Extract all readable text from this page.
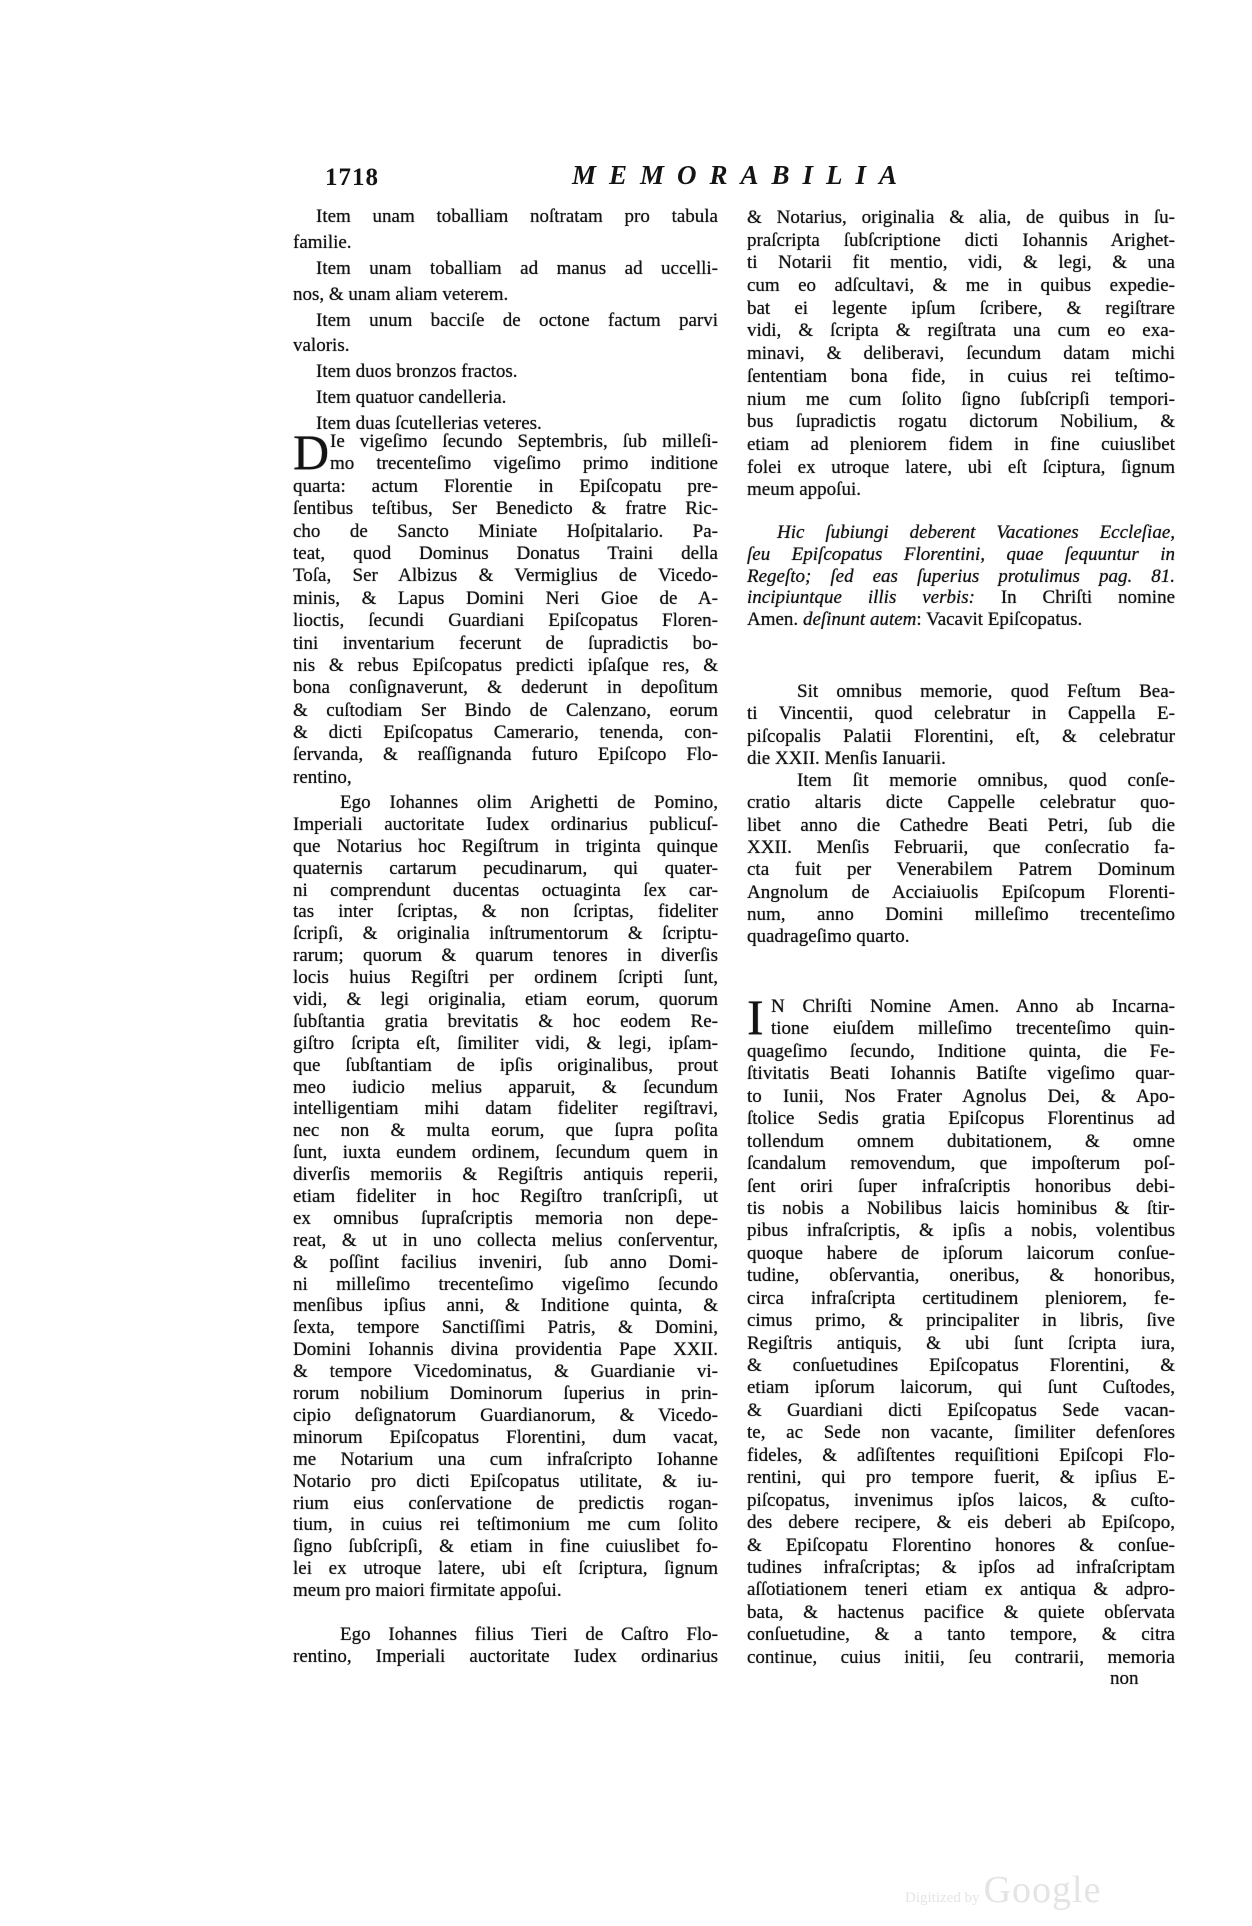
1718	MEMORABILIA
Item unam toballiam noſtratam pro tabula
familie.
Item unam toballiam ad manus ad uccelli-
nos, & unam aliam veterem.
Item unum bacciſe de octone factum parvi
valoris.
Item duos bronzos fractos.
Item quatuor candelleria.
Item duas ſcutellerias veteres.
D Ie vigeſimo ſecundo Septembris, ſub milleſi-
mo trecenteſimo vigeſimo primo inditione
quarta: actum Florentie in Epiſcopatu pre-
ſentibus teſtibus, Ser Benedicto & fratre Ric-
cho de Sancto Miniate Hoſpitalario. Pa-
teat, quod Dominus Donatus Traini della
Toſa, Ser Albizus & Vermiglius de Vicedo-
minis, & Lapus Domini Neri Gioe de A-
lioctis, ſecundi Guardiani Epiſcopatus Floren-
tini inventarium fecerunt de ſupradictis bo-
nis & rebus Epiſcopatus predicti ipſaſque res, &
bona conſignaverunt, & dederunt in depoſitum
& cuſtodiam Ser Bindo de Calenzano, eorum
& dicti Epiſcopatus Camerario, tenenda, con-
ſervanda, & reaſſignanda futuro Epiſcopo Flo-
rentino,
Ego Iohannes olim Arighetti de Pomino,
Imperiali auctoritate Iudex ordinarius publicuſ-
que Notarius hoc Regiſtrum in triginta quinque
quaternis cartarum pecudinarum, qui quater-
ni comprendunt ducentas octuaginta ſex car-
tas inter ſcriptas, & non ſcriptas, fideliter
ſcripſi, & originalia inſtrumentorum & ſcriptu-
rarum; quorum & quarum tenores in diverſis
locis huius Regiſtri per ordinem ſcripti ſunt,
vidi, & legi originalia, etiam eorum, quorum
ſubſtantia gratia brevitatis & hoc eodem Re-
giſtro ſcripta eſt, ſimiliter vidi, & legi, ipſam-
que ſubſtantiam de ipſis originalibus, prout
meo iudicio melius apparuit, & ſecundum
intelligentiam mihi datam fideliter regiſtravi,
nec non & multa eorum, que ſupra poſita
ſunt, iuxta eundem ordinem, ſecundum quem in
diverſis memoriis & Regiſtris antiquis reperii,
etiam fideliter in hoc Regiſtro tranſcripſi, ut
ex omnibus ſupraſcriptis memoria non depe-
reat, & ut in uno collecta melius conſerventur,
& poſſint facilius inveniri, ſub anno Domi-
ni milleſimo trecenteſimo vigeſimo ſecundo
menſibus ipſius anni, & Inditione quinta, &
ſexta, tempore Sanctiſſimi Patris, & Domini,
Domini Iohannis divina providentia Pape XXII.
& tempore Vicedominatus, & Guardianie vi-
rorum nobilium Dominorum ſuperius in prin-
cipio deſignatorum Guardianorum, & Vicedo-
minorum Epiſcopatus Florentini, dum vacat,
me Notarium una cum infraſcripto Iohanne
Notario pro dicti Epiſcopatus utilitate, & iu-
rium eius conſervatione de predictis rogan-
tium, in cuius rei teſtimonium me cum ſolito
ſigno ſubſcripſi, & etiam in fine cuiuslibet fo-
lei ex utroque latere, ubi eſt ſcriptura, ſignum
meum pro maiori firmitate appoſui.
Ego Iohannes filius Tieri de Caſtro Flo-
rentino, Imperiali auctoritate Iudex ordinarius
& Notarius, originalia & alia, de quibus in ſu-
praſcripta ſubſcriptione dicti Iohannis Arighet-
ti Notarii fit mentio, vidi, & legi, & una
cum eo adſcultavi, & me in quibus expedie-
bat ei legente ipſum ſcribere, & regiſtrare
vidi, & ſcripta & regiſtrata una cum eo exa-
minavi, & deliberavi, ſecundum datam michi
ſententiam bona fide, in cuius rei teſtimo-
nium me cum ſolito ſigno ſubſcripſi tempori-
bus ſupradictis rogatu dictorum Nobilium, &
etiam ad pleniorem fidem in fine cuiuslibet
folei ex utroque latere, ubi eſt ſciptura, ſignum
meum appoſui.
Hic ſubiungi deberent Vacationes Eccleſiae,
ſeu Epiſcopatus Florentini, quae ſequuntur in
Regeſto; ſed eas ſuperius protulimus pag. 81.
incipiuntque illis verbis: In Chriſti nomine
Amen. deſinunt autem: Vacavit Epiſcopatus.
Sit omnibus memorie, quod Feſtum Bea-
ti Vincentii, quod celebratur in Cappella E-
piſcopalis Palatii Florentini, eſt, & celebratur
die XXII. Menſis Ianuarii.
Item ſit memorie omnibus, quod conſe-
cratio altaris dicte Cappelle celebratur quo-
libet anno die Cathedre Beati Petri, ſub die
XXII. Menſis Februarii, que conſecratio fa-
cta fuit per Venerabilem Patrem Dominum
Angnolum de Acciaiuolis Epiſcopum Florenti-
num, anno Domini milleſimo trecenteſimo
quadrageſimo quarto.
I N Chriſti Nomine Amen. Anno ab Incarna-
tione eiuſdem milleſimo trecenteſimo quin-
quageſimo ſecundo, Inditione quinta, die Fe-
ſtivitatis Beati Iohannis Batiſte vigeſimo quar-
to Iunii, Nos Frater Agnolus Dei, & Apo-
ſtolice Sedis gratia Epiſcopus Florentinus ad
tollendum omnem dubitationem, & omne
ſcandalum removendum, que impoſterum poſ-
ſent oriri ſuper infraſcriptis honoribus debi-
tis nobis a Nobilibus laicis hominibus & ſtir-
pibus infraſcriptis, & ipſis a nobis, volentibus
quoque habere de ipſorum laicorum conſue-
tudine, obſervantia, oneribus, & honoribus,
circa infraſcripta certitudinem pleniorem, fe-
cimus primo, & principaliter in libris, ſive
Regiſtris antiquis, & ubi ſunt ſcripta iura,
& conſuetudines Epiſcopatus Florentini, &
etiam ipſorum laicorum, qui ſunt Cuſtodes,
& Guardiani dicti Epiſcopatus Sede vacan-
te, ac Sede non vacante, ſimiliter defenſores
fideles, & adſiſtentes requiſitioni Epiſcopi Flo-
rentini, qui pro tempore fuerit, & ipſius E-
piſcopatus, invenimus ipſos laicos, & cuſto-
des debere recipere, & eis deberi ab Epiſcopo,
& Epiſcopatu Florentino honores & conſue-
tudines infraſcriptas; & ipſos ad infraſcriptam
aſſotiationem teneri etiam ex antiqua & adpro-
bata, & hactenus pacifice & quiete obſervata
conſuetudine, & a tanto tempore, & citra
continue, cuius initii, ſeu contrarii, memoria
non
Digitized by Google
